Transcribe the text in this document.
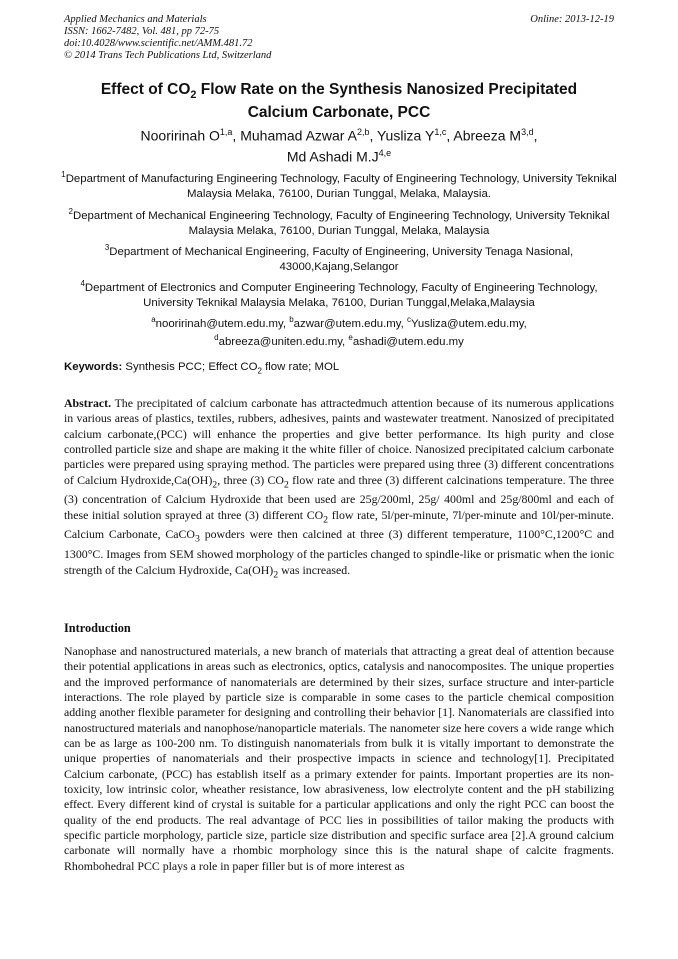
Applied Mechanics and Materials
ISSN: 1662-7482, Vol. 481, pp 72-75
doi:10.4028/www.scientific.net/AMM.481.72
© 2014 Trans Tech Publications Ltd, Switzerland
Online: 2013-12-19
Effect of $CO_2$ Flow Rate on the Synthesis Nanosized Precipitated
Calcium Carbonate, PCC
Nooririnah O$^{1,a}$, Muhamad Azwar A$^{2,b}$, Yusliza Y$^{1,c}$, Abreeza M$^{3,d}$,
Md Ashadi $M.J^{4,e}$
$^1$Department of Manufacturing Engineering Technology, Faculty of Engineering Technology, University Teknikal Malaysia Melaka, 76100, Durian Tunggal, Melaka, Malaysia.
$^2$Department of Mechanical Engineering Technology, Faculty of Engineering Technology, University Teknikal Malaysia Melaka, 76100, Durian Tunggal, Melaka, Malaysia
$^3$Department of Mechanical Engineering, Faculty of Engineering, University Tenaga Nasional, 43000,Kajang,Selangor
$^4$Department of Electronics and Computer Engineering Technology, Faculty of Engineering Technology, University Teknikal Malaysia Melaka, 76100, Durian Tunggal,Melaka,Malaysia
$^a$nooririnah@utem.edu.my, $^b$azwar@utem.edu.my, $^c$Yusliza@utem.edu.my,
$^d$abreeza@uniten.edu.my, $^e$ashadi@utem.edu.my
Keywords: Synthesis PCC; Effect $CO_2$ flow rate; MOL
Abstract. The precipitated of calcium carbonate has attractedmuch attention because of its numerous applications in various areas of plastics, textiles, rubbers, adhesives, paints and wastewater treatment. Nanosized of precipitated calcium carbonate,(PCC) will enhance the properties and give better performance. Its high purity and close controlled particle size and shape are making it the white filler of choice. Nanosized precipitated calcium carbonate particles were prepared using spraying method. The particles were prepared using three (3) different concentrations of Calcium $Hydroxide,Ca(OH)_2$, three (3) $CO_2$ flow rate and three (3) different calcinations temperature. The three (3) concentration of Calcium Hydroxide that been used are 25g/200ml, 25g/ 400ml and 25g/800ml and each of these initial solution sprayed at three (3) different $CO_2$ flow rate, 5l/per-minute, 7l/per-minute and 10l/per-minute. Calcium Carbonate, CaCO$_3$ powders were then calcined at three (3) different temperature, 1100°C,1200°C and 1300°C. Images from SEM showed morphology of the particles changed to spindle-like or prismatic when the ionic strength of the Calcium Hydroxide, $Ca(OH)_2$ was increased.
Introduction
Nanophase and nanostructured materials, a new branch of materials that attracting a great deal of attention because their potential applications in areas such as electronics, optics, catalysis and nanocomposites. The unique properties and the improved performance of nanomaterials are determined by their sizes, surface structure and inter-particle interactions. The role played by particle size is comparable in some cases to the particle chemical composition adding another flexible parameter for designing and controlling their behavior [1]. Nanomaterials are classified into nanostructured materials and nanophose/nanoparticle materials. The nanometer size here covers a wide range which can be as large as 100-200 nm. To distinguish nanomaterials from bulk it is vitally important to demonstrate the unique properties of nanomaterials and their prospective impacts in science and technology[1]. Precipitated Calcium carbonate, (PCC) has establish itself as a primary extender for paints. Important properties are its non-toxicity, low intrinsic color, wheather resistance, low abrasiveness, low electrolyte content and the pH stabilizing effect. Every different kind of crystal is suitable for a particular applications and only the right PCC can boost the quality of the end products. The real advantage of PCC lies in possibilities of tailor making the products with specific particle morphology, particle size, particle size distribution and specific surface area [2].A ground calcium carbonate will normally have a rhombic morphology since this is the natural shape of calcite fragments. Rhombohedral PCC plays a role in paper filler but is of more interest as
